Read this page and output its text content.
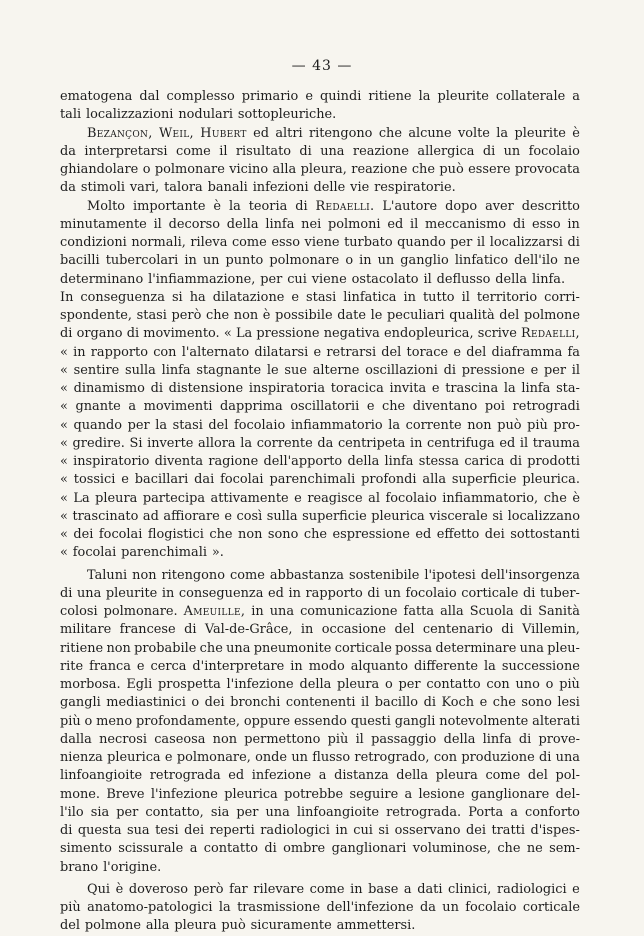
— 43 —
ematogena dal complesso primario e quindi ritiene la pleurite collaterale a
tali localizzazioni nodulari sottopleuriche.
Bezançon, Weil, Hubert ed altri ritengono che alcune volte la pleurite è
da interpretarsi come il risultato di una reazione allergica di un focolaio
ghiandolare o polmonare vicino alla pleura, reazione che può essere provocata
da stimoli vari, talora banali infezioni delle vie respiratorie.
Molto importante è la teoria di Redaelli. L'autore dopo aver descritto
minutamente il decorso della linfa nei polmoni ed il meccanismo di esso in
condizioni normali, rileva come esso viene turbato quando per il localizzarsi di
bacilli tubercolari in un punto polmonare o in un ganglio linfatico dell'ilo ne
determinano l'infiammazione, per cui viene ostacolato il deflusso della linfa.
In conseguenza si ha dilatazione e stasi linfatica in tutto il territorio corri-
spondente, stasi però che non è possibile date le peculiari qualità del polmone
di organo di movimento. « La pressione negativa endopleurica, scrive Redaelli,
« in rapporto con l'alternato dilatarsi e retrarsi del torace e del diaframma fa
« sentire sulla linfa stagnante le sue alterne oscillazioni di pressione e per il
« dinamismo di distensione inspiratoria toracica invita e trascina la linfa sta-
« gnante a movimenti dapprima oscillatorii e che diventano poi retrogradi
« quando per la stasi del focolaio infiammatorio la corrente non può più pro-
« gredire. Si inverte allora la corrente da centripeta in centrifuga ed il trauma
« inspiratorio diventa ragione dell'apporto della linfa stessa carica di prodotti
« tossici e bacillari dai focolai parenchimali profondi alla superficie pleurica.
« La pleura partecipa attivamente e reagisce al focolaio infiammatorio, che è
« trascinato ad affiorare e così sulla superficie pleurica viscerale si localizzano
« dei focolai flogistici che non sono che espressione ed effetto dei sottostanti
« focolai parenchimali ».
Taluni non ritengono come abbastanza sostenibile l'ipotesi dell'insorgenza
di una pleurite in conseguenza ed in rapporto di un focolaio corticale di tuber-
colosi polmonare. Ameuille, in una comunicazione fatta alla Scuola di Sanità
militare francese di Val-de-Grâce, in occasione del centenario di Villemin,
ritiene non probabile che una pneumonite corticale possa determinare una pleu-
rite franca e cerca d'interpretare in modo alquanto differente la successione
morbosa. Egli prospetta l'infezione della pleura o per contatto con uno o più
gangli mediastinici o dei bronchi contenenti il bacillo di Koch e che sono lesi
più o meno profondamente, oppure essendo questi gangli notevolmente alterati
dalla necrosi caseosa non permettono più il passaggio della linfa di prove-
nienza pleurica e polmonare, onde un flusso retrogrado, con produzione di una
linfoangioite retrograda ed infezione a distanza della pleura come del pol-
mone. Breve l'infezione pleurica potrebbe seguire a lesione ganglionare del-
l'ilo sia per contatto, sia per una linfoangioite retrograda. Porta a conforto
di questa sua tesi dei reperti radiologici in cui si osservano dei tratti d'ispes-
simento scissurale a contatto di ombre ganglionari voluminose, che ne sem-
brano l'origine.
Qui è doveroso però far rilevare come in base a dati clinici, radiologici e
più anatomo-patologici la trasmissione dell'infezione da un focolaio corticale
del polmone alla pleura può sicuramente ammettersi.
